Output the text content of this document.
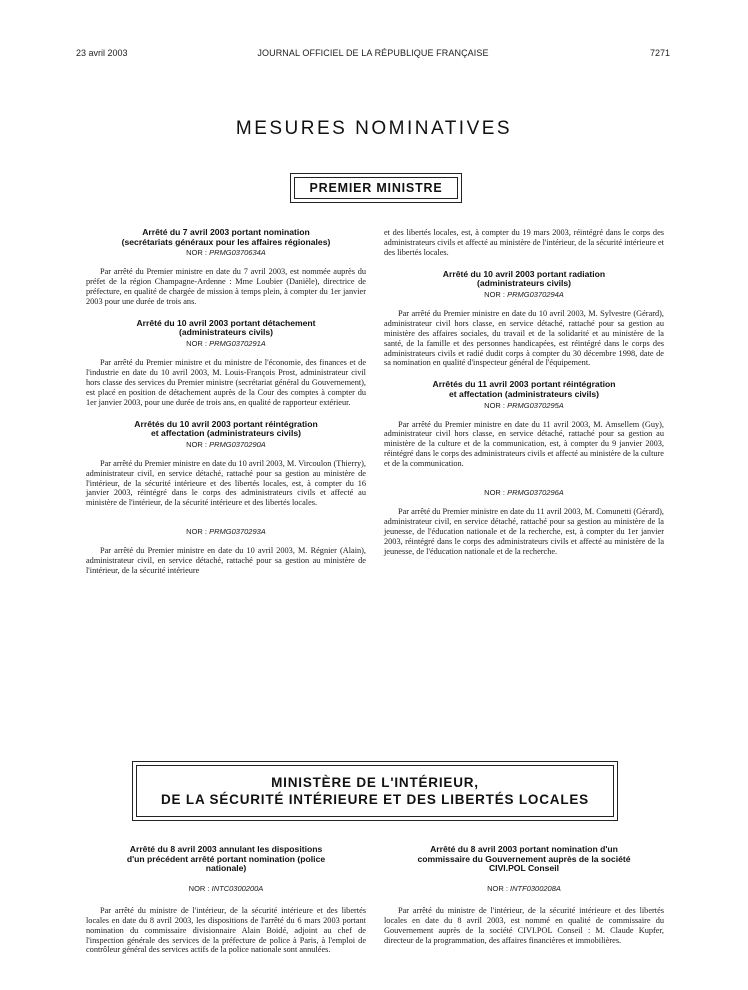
23 avril 2003	JOURNAL OFFICIEL DE LA RÉPUBLIQUE FRANÇAISE	7271
MESURES NOMINATIVES
PREMIER MINISTRE
Arrêté du 7 avril 2003 portant nomination
(secrétariats généraux pour les affaires régionales)
NOR : PRMG0370634A

Par arrêté du Premier ministre en date du 7 avril 2003, est nommée auprès du préfet de la région Champagne-Ardenne : Mme Loubier (Danièle), directrice de préfecture, en qualité de chargée de mission à temps plein, à compter du 1er janvier 2003 pour une durée de trois ans.

Arrêté du 10 avril 2003 portant détachement
(administrateurs civils)
NOR : PRMG0370291A

Par arrêté du Premier ministre et du ministre de l'économie, des finances et de l'industrie en date du 10 avril 2003, M. Louis-François Prost, administrateur civil hors classe des services du Premier ministre (secrétariat général du Gouvernement), est placé en position de détachement auprès de la Cour des comptes à compter du 1er janvier 2003, pour une durée de trois ans, en qualité de rapporteur extérieur.

Arrêtés du 10 avril 2003 portant réintégration
et affectation (administrateurs civils)
NOR : PRMG0370290A

Par arrêté du Premier ministre en date du 10 avril 2003, M. Vircoulon (Thierry), administrateur civil, en service détaché, rattaché pour sa gestion au ministère de l'intérieur, de la sécurité intérieure et des libertés locales, est, à compter du 16 janvier 2003, réintégré dans le corps des administrateurs civils et affecté au ministère de l'intérieur, de la sécurité intérieure et des libertés locales.

NOR : PRMG0370293A

Par arrêté du Premier ministre en date du 10 avril 2003, M. Régnier (Alain), administrateur civil, en service détaché, rattaché pour sa gestion au ministère de l'intérieur, de la sécurité intérieure

et des libertés locales, est, à compter du 19 mars 2003, réintégré dans le corps des administrateurs civils et affecté au ministère de l'intérieur, de la sécurité intérieure et des libertés locales.

Arrêté du 10 avril 2003 portant radiation
(administrateurs civils)
NOR : PRMG0370294A

Par arrêté du Premier ministre en date du 10 avril 2003, M. Sylvestre (Gérard), administrateur civil hors classe, en service détaché, rattaché pour sa gestion au ministère des affaires sociales, du travail et de la solidarité et au ministère de la santé, de la famille et des personnes handicapées, est réintégré dans le corps des administrateurs civils et radié dudit corps à compter du 30 décembre 1998, date de sa nomination en qualité d'inspecteur général de l'équipement.

Arrêtés du 11 avril 2003 portant réintégration
et affectation (administrateurs civils)
NOR : PRMG0370295A

Par arrêté du Premier ministre en date du 11 avril 2003, M. Amsellem (Guy), administrateur civil hors classe, en service détaché, rattaché pour sa gestion au ministère de la culture et de la communication, est, à compter du 9 janvier 2003, réintégré dans le corps des administrateurs civils et affecté au ministère de la culture et de la communication.

NOR : PRMG0370296A

Par arrêté du Premier ministre en date du 11 avril 2003, M. Comunetti (Gérard), administrateur civil, en service détaché, rattaché pour sa gestion au ministère de la jeunesse, de l'éducation nationale et de la recherche, est, à compter du 1er janvier 2003, réintégré dans le corps des administrateurs civils et affecté au ministère de la jeunesse, de l'éducation nationale et de la recherche.

MINISTÈRE DE L'INTÉRIEUR,
DE LA SÉCURITÉ INTÉRIEURE ET DES LIBERTÉS LOCALES
Arrêté du 8 avril 2003 annulant les dispositions
d'un précédent arrêté portant nomination (police
nationale)
NOR : INTC0300200A

Par arrêté du ministre de l'intérieur, de la sécurité intérieure et des libertés locales en date du 8 avril 2003, les dispositions de l'arrêté du 6 mars 2003 portant nomination du commissaire divisionnaire Alain Boidé, adjoint au chef de l'inspection générale des services de la préfecture de police à Paris, à l'emploi de contrôleur général des services actifs de la police nationale sont annulées.

Arrêté du 8 avril 2003 portant nomination d'un
commissaire du Gouvernement auprès de la société
CIVI.POL Conseil
NOR : INTF0300208A

Par arrêté du ministre de l'intérieur, de la sécurité intérieure et des libertés locales en date du 8 avril 2003, est nommé en qualité de commissaire du Gouvernement auprès de la société CIVI.POL Conseil : M. Claude Kupfer, directeur de la programmation, des affaires financières et immobilières.
